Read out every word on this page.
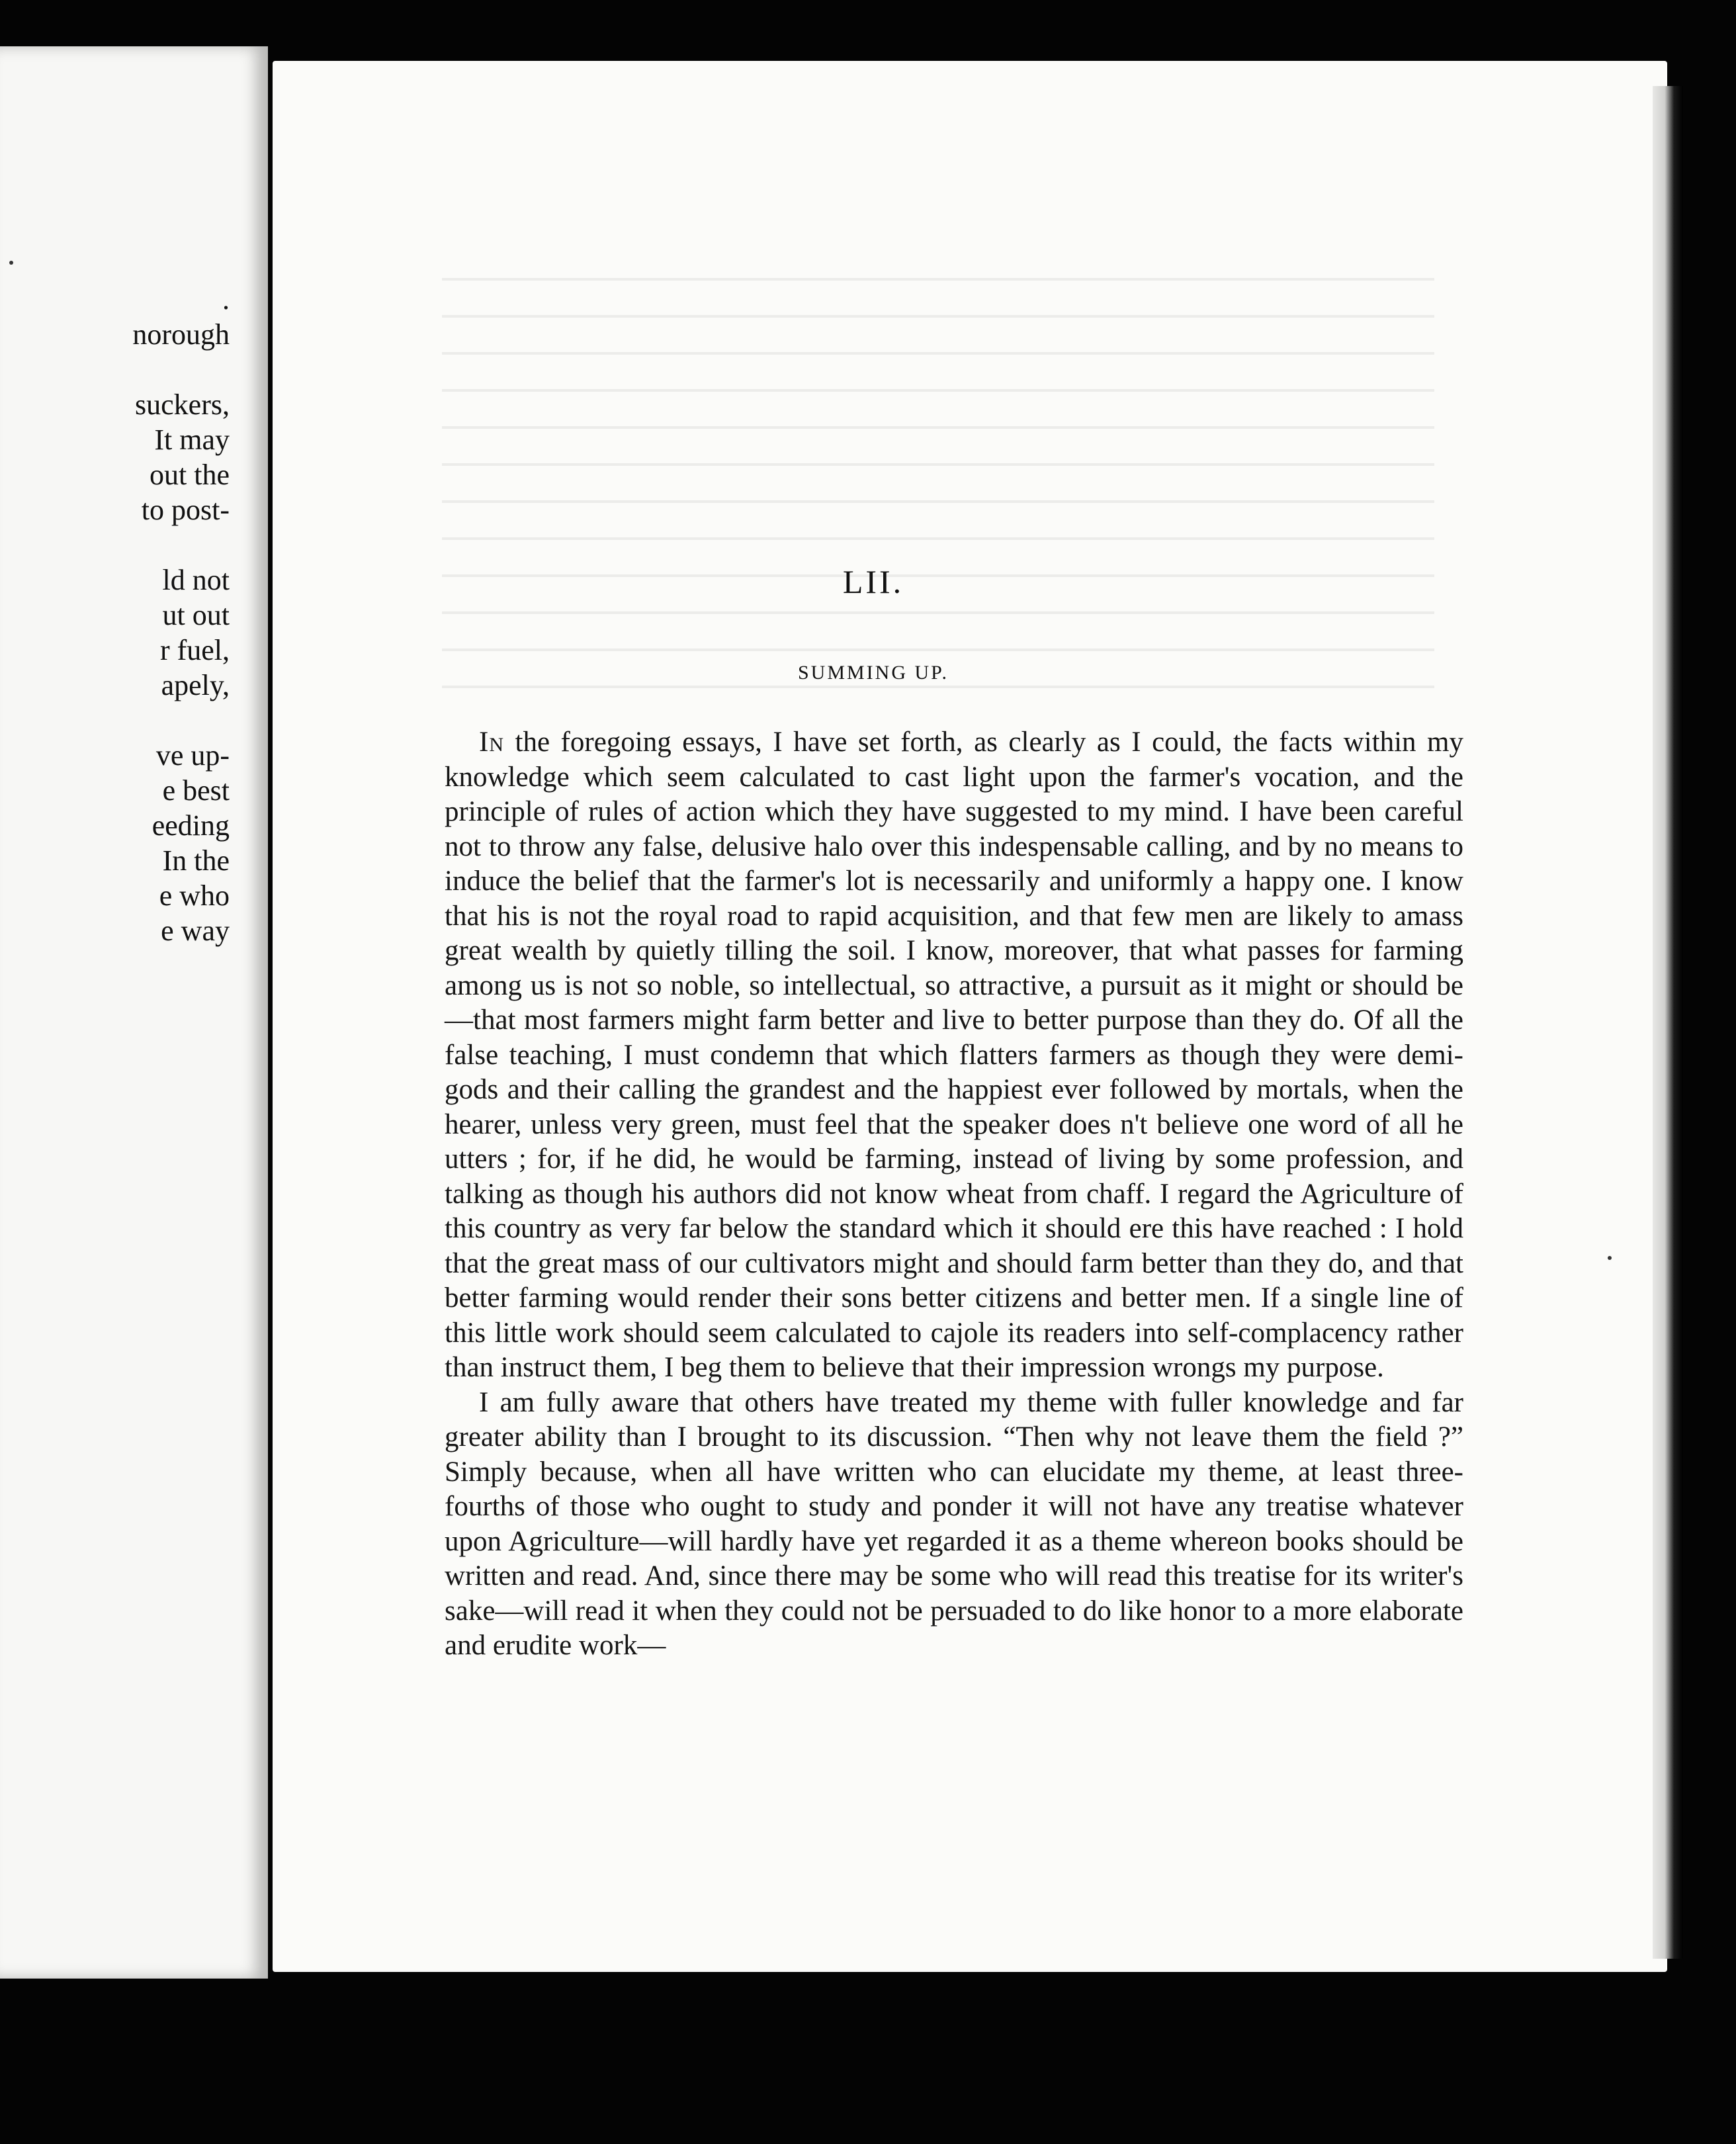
.
norough
suckers,
It may
out the
to post-
ld not
ut out
r fuel,
apely,
ve up-
e best
eeding
In the
e who
e way
LII.
SUMMING UP.

In the foregoing essays, I have set forth, as clearly as I could, the facts within my knowledge which seem calculated to cast light upon the farmer's vocation, and the principle of rules of action which they have suggested to my mind. I have been careful not to throw any false, delusive halo over this indespensable calling, and by no means to induce the belief that the farmer's lot is necessarily and uniformly a happy one. I know that his is not the royal road to rapid acquisition, and that few men are likely to amass great wealth by quietly tilling the soil. I know, moreover, that what passes for farming among us is not so noble, so intellectual, so attractive, a pursuit as it might or should be—that most farmers might farm better and live to better purpose than they do. Of all the false teaching, I must condemn that which flatters farmers as though they were demi-gods and their calling the grandest and the happiest ever followed by mortals, when the hearer, unless very green, must feel that the speaker does n't believe one word of all he utters ; for, if he did, he would be farming, instead of living by some profession, and talking as though his authors did not know wheat from chaff. I regard the Agriculture of this country as very far below the standard which it should ere this have reached : I hold that the great mass of our cultivators might and should farm better than they do, and that better farming would render their sons better citizens and better men. If a single line of this little work should seem calculated to cajole its readers into self-complacency rather than instruct them, I beg them to believe that their impression wrongs my purpose.

I am fully aware that others have treated my theme with fuller knowledge and far greater ability than I brought to its discussion. “Then why not leave them the field ?” Simply because, when all have written who can elucidate my theme, at least three-fourths of those who ought to study and ponder it will not have any treatise whatever upon Agriculture—will hardly have yet regarded it as a theme whereon books should be written and read. And, since there may be some who will read this treatise for its writer's sake—will read it when they could not be persuaded to do like honor to a more elaborate and erudite work—
